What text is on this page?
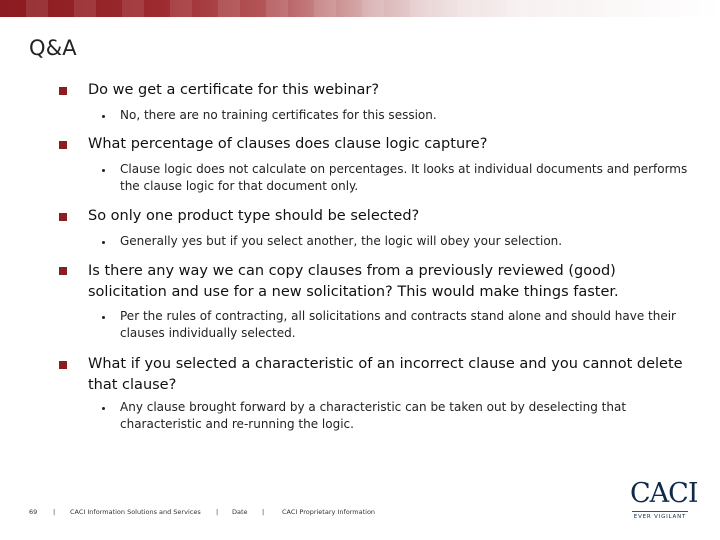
Q&A
Do we get a certificate for this webinar?
No, there are no training certificates for this session.
What percentage of clauses does clause logic capture?
Clause logic does not calculate on percentages. It looks at individual documents and performs the clause logic for that document only.
So only one product type should be selected?
Generally yes but if you select another, the logic will obey your selection.
Is there any way we can copy clauses from a previously reviewed (good) solicitation and use for a new solicitation? This would make things faster.
Per the rules of contracting, all solicitations and contracts stand alone and should have their clauses individually selected.
What if you selected a characteristic of an incorrect clause and you cannot delete that clause?
Any clause brought forward by a characteristic can be taken out by deselecting that characteristic and re-running the logic.
69 | CACI Information Solutions and Services | Date |	CACI Proprietary Information
CACI
EVER VIGILANT
